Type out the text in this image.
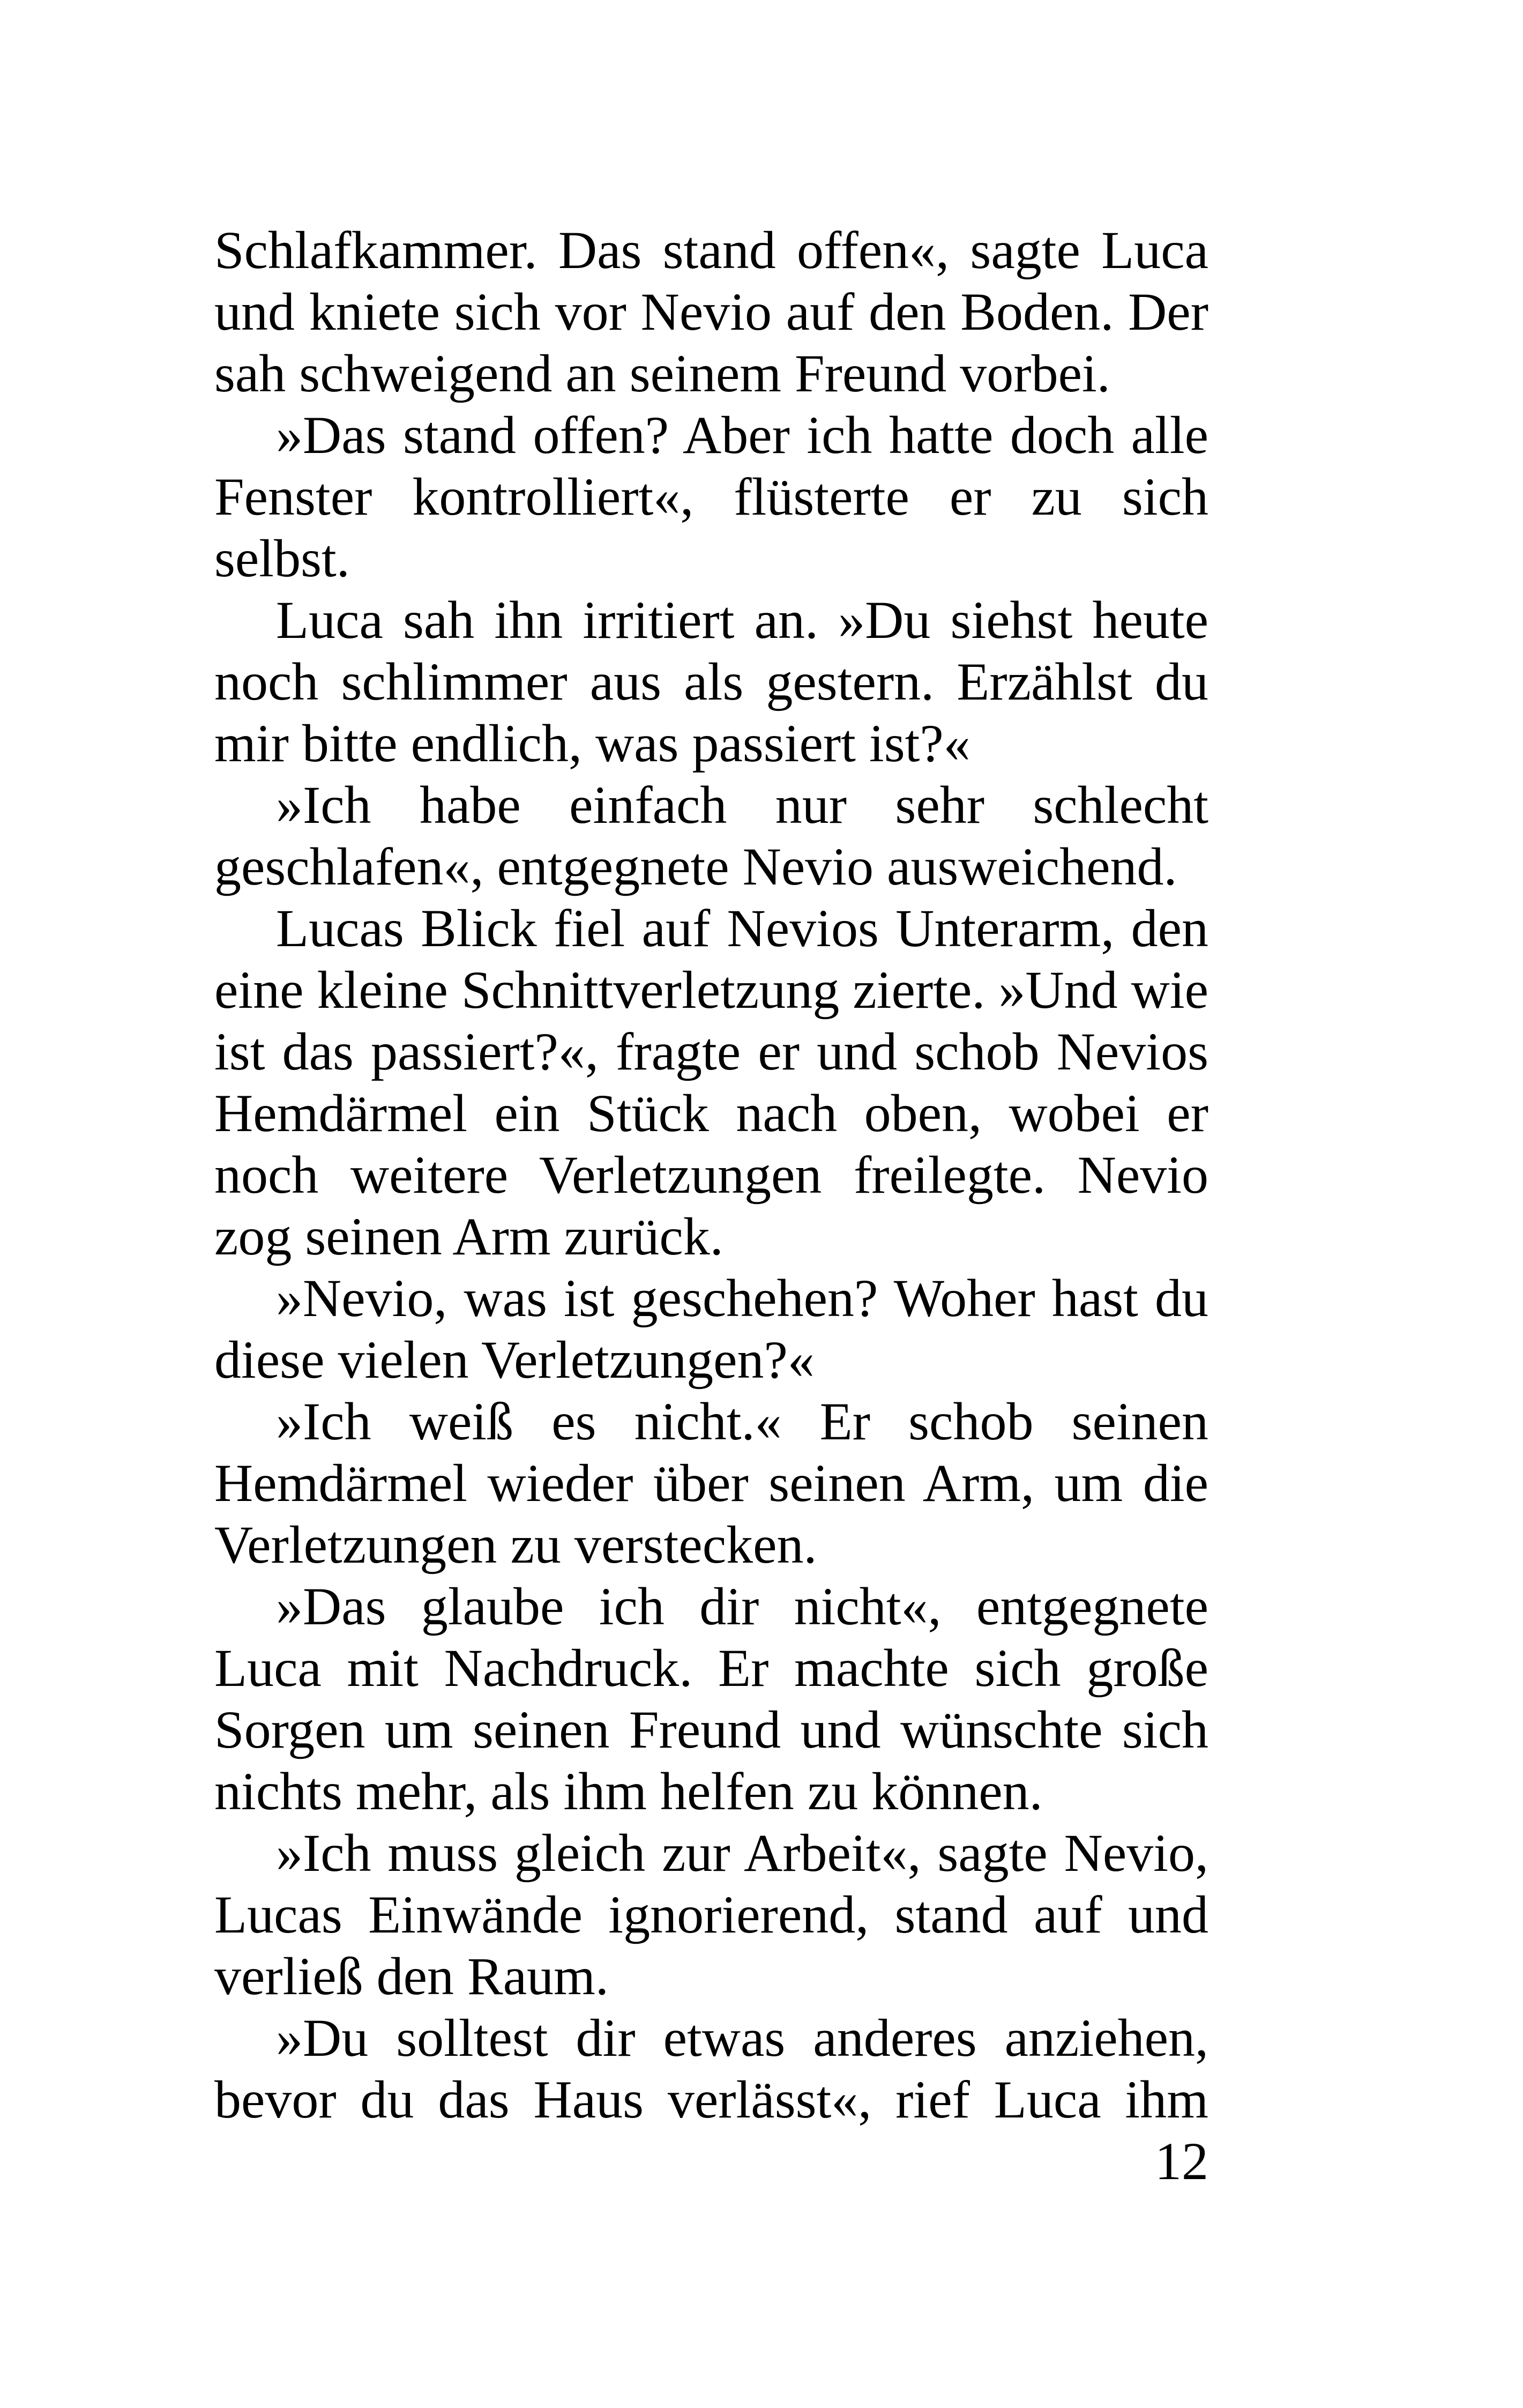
Schlafkammer. Das stand offen«, sagte Luca
und kniete sich vor Nevio auf den Boden. Der
sah schweigend an seinem Freund vorbei.
»Das stand offen? Aber ich hatte doch alle
Fenster kontrolliert«, flüsterte er zu sich
selbst.
Luca sah ihn irritiert an. »Du siehst heute
noch schlimmer aus als gestern. Erzählst du
mir bitte endlich, was passiert ist?«
»Ich habe einfach nur sehr schlecht
geschlafen«, entgegnete Nevio ausweichend.
Lucas Blick fiel auf Nevios Unterarm, den
eine kleine Schnittverletzung zierte. »Und wie
ist das passiert?«, fragte er und schob Nevios
Hemdärmel ein Stück nach oben, wobei er
noch weitere Verletzungen freilegte. Nevio
zog seinen Arm zurück.
»Nevio, was ist geschehen? Woher hast du
diese vielen Verletzungen?«
»Ich weiß es nicht.« Er schob seinen
Hemdärmel wieder über seinen Arm, um die
Verletzungen zu verstecken.
»Das glaube ich dir nicht«, entgegnete
Luca mit Nachdruck. Er machte sich große
Sorgen um seinen Freund und wünschte sich
nichts mehr, als ihm helfen zu können.
»Ich muss gleich zur Arbeit«, sagte Nevio,
Lucas Einwände ignorierend, stand auf und
verließ den Raum.
»Du solltest dir etwas anderes anziehen,
bevor du das Haus verlässt«, rief Luca ihm
12
